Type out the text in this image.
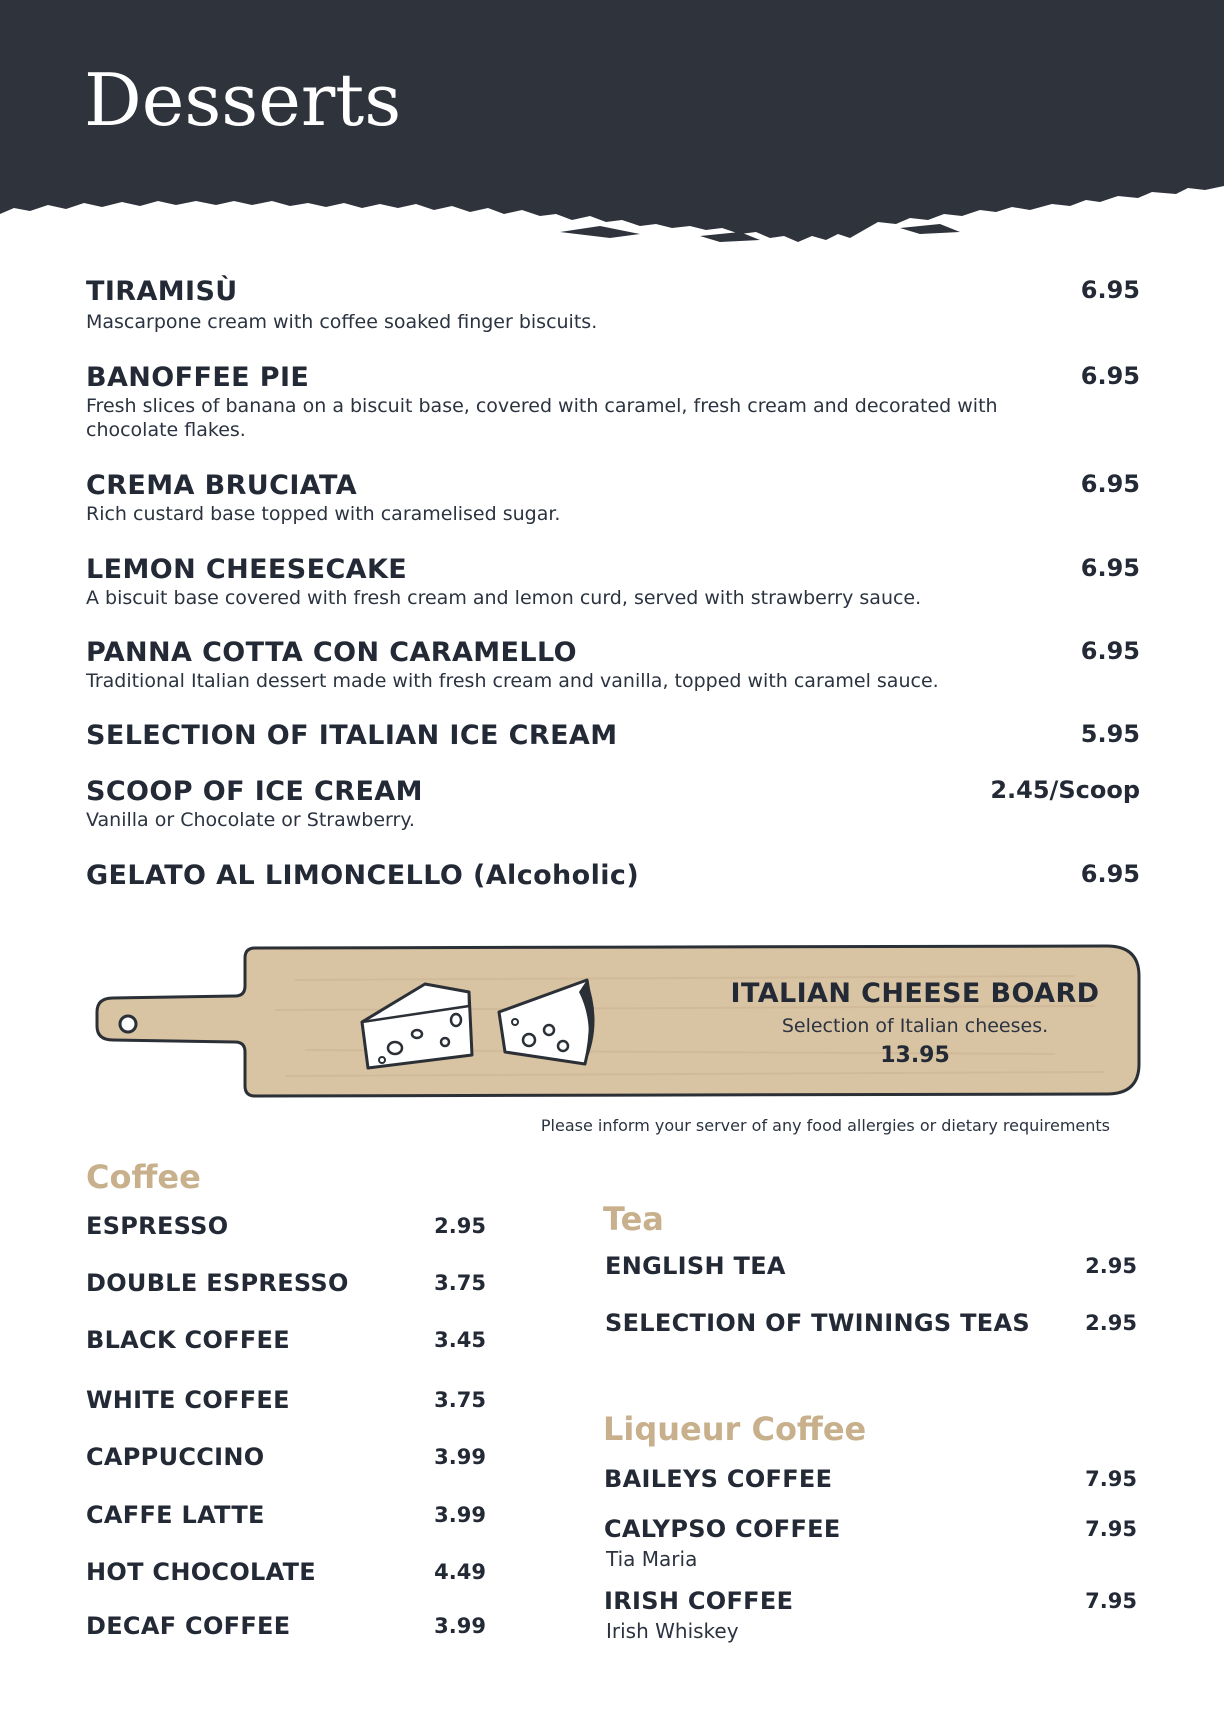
Desserts
TIRAMISÙ	6.95
Mascarpone cream with coffee soaked finger biscuits.
BANOFFEE PIE	6.95
Fresh slices of banana on a biscuit base, covered with caramel, fresh cream and decorated with chocolate flakes.
CREMA BRUCIATA	6.95
Rich custard base topped with caramelised sugar.
LEMON CHEESECAKE	6.95
A biscuit base covered with fresh cream and lemon curd, served with strawberry sauce.
PANNA COTTA CON CARAMELLO	6.95
Traditional Italian dessert made with fresh cream and vanilla, topped with caramel sauce.
SELECTION OF ITALIAN ICE CREAM	5.95
SCOOP OF ICE CREAM	2.45/Scoop
Vanilla or Chocolate or Strawberry.
GELATO AL LIMONCELLO (Alcoholic)	6.95
ITALIAN CHEESE BOARD
Selection of Italian cheeses.
13.95
Please inform your server of any food allergies or dietary requirements
Coffee
ESPRESSO	2.95
DOUBLE ESPRESSO	3.75
BLACK COFFEE	3.45
WHITE COFFEE	3.75
CAPPUCCINO	3.99
CAFFE LATTE	3.99
HOT CHOCOLATE	4.49
DECAF COFFEE	3.99
Tea
ENGLISH TEA	2.95
SELECTION OF TWININGS TEAS	2.95
Liqueur Coffee
BAILEYS COFFEE	7.95
CALYPSO COFFEE	7.95
Tia Maria
IRISH COFFEE	7.95
Irish Whiskey
